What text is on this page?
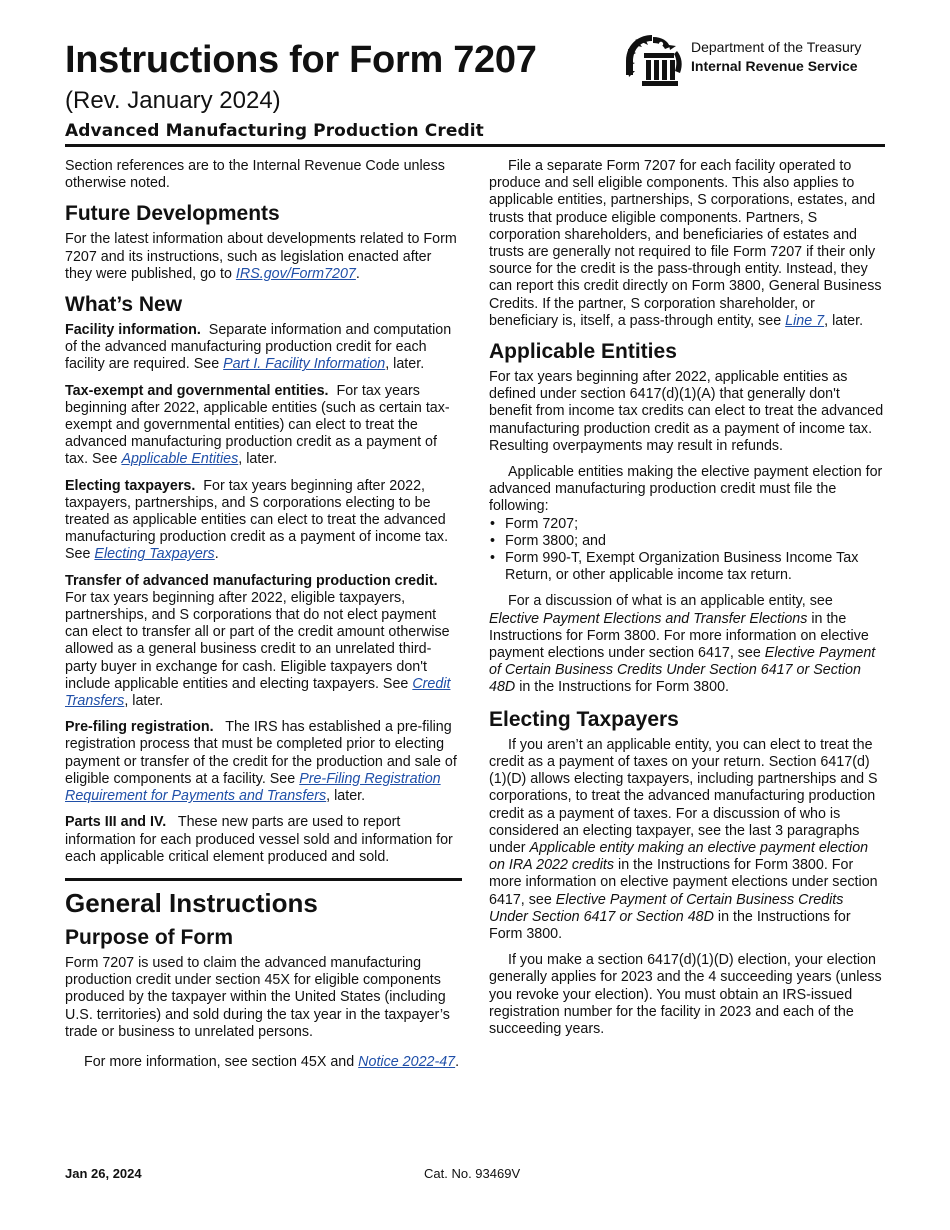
Instructions for Form 7207
(Rev. January 2024)
Advanced Manufacturing Production Credit
Department of the Treasury
Internal Revenue Service

Section references are to the Internal Revenue Code unless otherwise noted.

Future Developments

For the latest information about developments related to Form 7207 and its instructions, such as legislation enacted after they were published, go to IRS.gov/Form7207.

What’s New

Facility information. Separate information and computation of the advanced manufacturing production credit for each facility are required. See Part I. Facility Information, later.

Tax-exempt and governmental entities. For tax years beginning after 2022, applicable entities (such as certain tax-exempt and governmental entities) can elect to treat the advanced manufacturing production credit as a payment of tax. See Applicable Entities, later.

Electing taxpayers. For tax years beginning after 2022, taxpayers, partnerships, and S corporations electing to be treated as applicable entities can elect to treat the advanced manufacturing production credit as a payment of income tax. See Electing Taxpayers.

Transfer of advanced manufacturing production credit.   For tax years beginning after 2022, eligible taxpayers, partnerships, and S corporations that do not elect payment can elect to transfer all or part of the credit amount otherwise allowed as a general business credit to an unrelated third-party buyer in exchange for cash. Eligible taxpayers don't include applicable entities and electing taxpayers. See Credit Transfers, later.

Pre-filing registration. The IRS has established a pre-filing registration process that must be completed prior to electing payment or transfer of the credit for the production and sale of eligible components at a facility. See Pre-Filing Registration Requirement for Payments and Transfers, later.

Parts III and IV. These new parts are used to report information for each produced vessel sold and information for each applicable critical element produced and sold.

General Instructions
Purpose of Form

Form 7207 is used to claim the advanced manufacturing production credit under section 45X for eligible components produced by the taxpayer within the United States (including U.S. territories) and sold during the tax year in the taxpayer’s trade or business to unrelated persons.

For more information, see section 45X and Notice 2022-47.

File a separate Form 7207 for each facility operated to produce and sell eligible components. This also applies to applicable entities, partnerships, S corporations, estates, and trusts that produce eligible components. Partners, S corporation shareholders, and beneficiaries of estates and trusts are generally not required to file Form 7207 if their only source for the credit is the pass-through entity. Instead, they can report this credit directly on Form 3800, General Business Credits. If the partner, S corporation shareholder, or beneficiary is, itself, a pass-through entity, see Line 7, later.

Applicable Entities

For tax years beginning after 2022, applicable entities as defined under section 6417(d)(1)(A) that generally don't benefit from income tax credits can elect to treat the advanced manufacturing production credit as a payment of income tax. Resulting overpayments may result in refunds.

Applicable entities making the elective payment election for advanced manufacturing production credit must file the following:

• Form 7207;
• Form 3800; and
• Form 990-T, Exempt Organization Business Income Tax Return, or other applicable income tax return.

For a discussion of what is an applicable entity, see Elective Payment Elections and Transfer Elections in the Instructions for Form 3800. For more information on elective payment elections under section 6417, see Elective Payment of Certain Business Credits Under Section 6417 or Section 48D in the Instructions for Form 3800.

Electing Taxpayers

If you aren’t an applicable entity, you can elect to treat the credit as a payment of taxes on your return. Section 6417(d)(1)(D) allows electing taxpayers, including partnerships and S corporations, to treat the advanced manufacturing production credit as a payment of taxes. For a discussion of who is considered an electing taxpayer, see the last 3 paragraphs under Applicable entity making an elective payment election on IRA 2022 credits in the Instructions for Form 3800. For more information on elective payment elections under section 6417, see Elective Payment of Certain Business Credits Under Section 6417 or Section 48D in the Instructions for Form 3800.

If you make a section 6417(d)(1)(D) election, your election generally applies for 2023 and the 4 succeeding years (unless you revoke your election). You must obtain an IRS-issued registration number for the facility in 2023 and each of the succeeding years.

Jan 26, 2024	Cat. No. 93469V
